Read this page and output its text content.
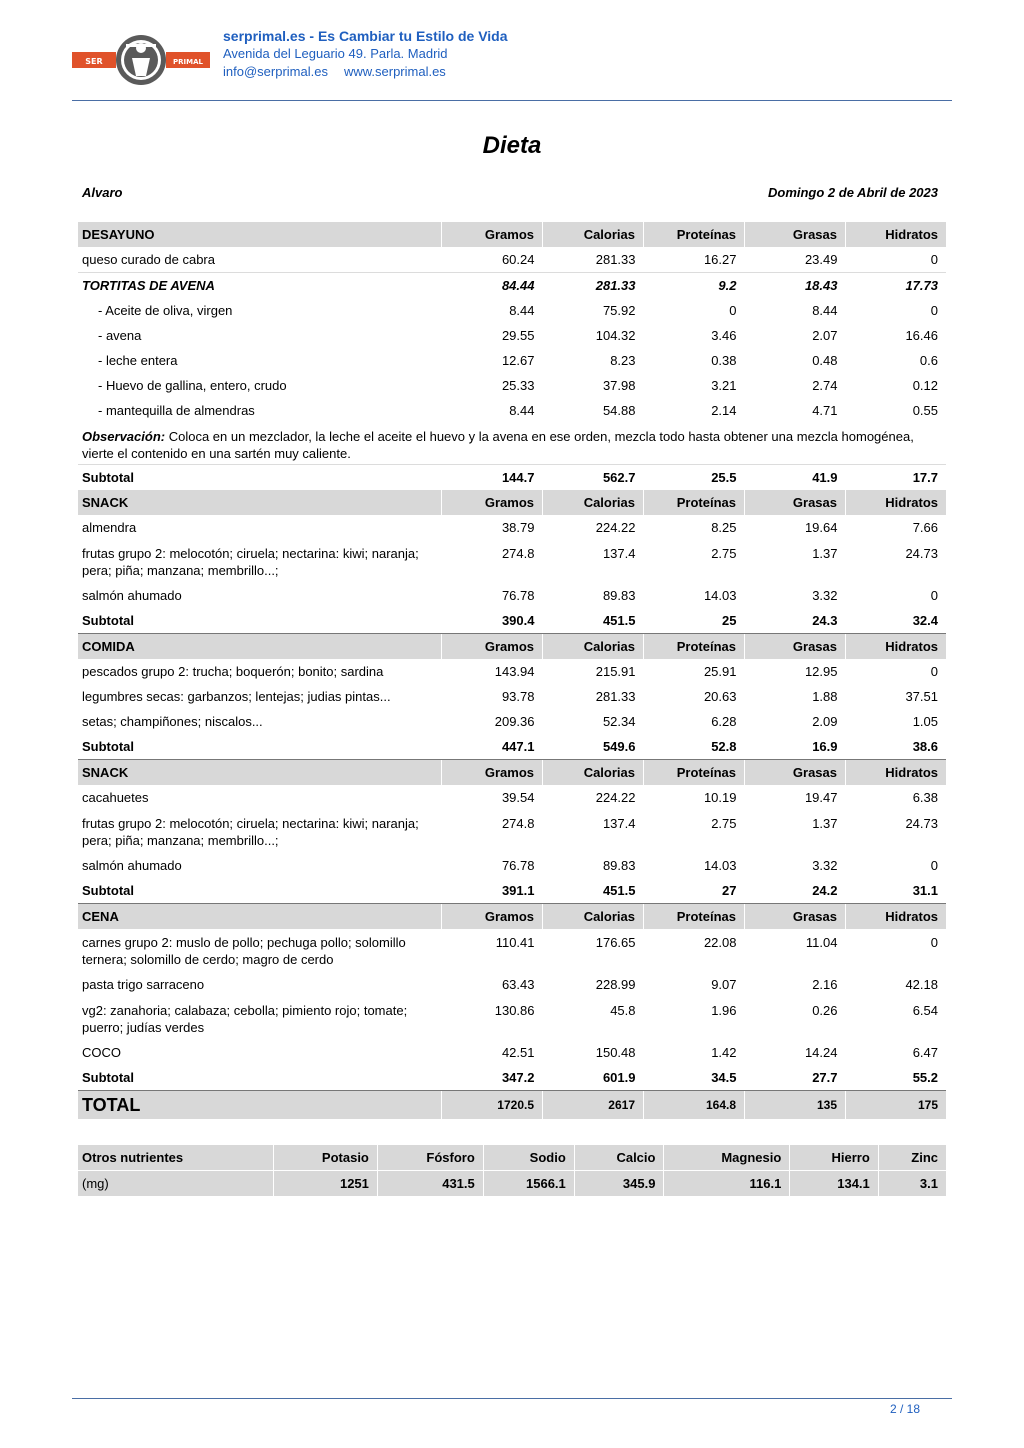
SER	PRIMAL
serprimal.es - Es Cambiar tu Estilo de Vida
Avenida del Leguario 49. Parla. Madrid
info@serprimal.es www.serprimal.es
Dieta
Alvaro	Domingo 2 de Abril de 2023
DESAYUNO	Gramos	Calorias	Proteínas	Grasas	Hidratos
queso curado de cabra	60.24	281.33	16.27	23.49	0
TORTITAS DE AVENA	84.44	281.33	9.2	18.43	17.73
- Aceite de oliva, virgen	8.44	75.92	0	8.44	0
- avena	29.55	104.32	3.46	2.07	16.46
- leche entera	12.67	8.23	0.38	0.48	0.6
- Huevo de gallina, entero, crudo	25.33	37.98	3.21	2.74	0.12
- mantequilla de almendras	8.44	54.88	2.14	4.71	0.55
Observación: Coloca en un mezclador, la leche el aceite el huevo y la avena en ese orden, mezcla todo hasta obtener una mezcla homogénea, vierte el contenido en una sartén muy caliente.					
Subtotal	144.7	562.7	25.5	41.9	17.7
SNACK	Gramos	Calorias	Proteínas	Grasas	Hidratos
almendra	38.79	224.22	8.25	19.64	7.66
frutas grupo 2: melocotón; ciruela; nectarina: kiwi; naranja; pera; piña; manzana; membrillo...;	274.8	137.4	2.75	1.37	24.73
salmón ahumado	76.78	89.83	14.03	3.32	0
Subtotal	390.4	451.5	25	24.3	32.4
COMIDA	Gramos	Calorias	Proteínas	Grasas	Hidratos
pescados grupo 2: trucha; boquerón; bonito; sardina	143.94	215.91	25.91	12.95	0
legumbres secas: garbanzos; lentejas; judias pintas...	93.78	281.33	20.63	1.88	37.51
setas; champiñones; niscalos...	209.36	52.34	6.28	2.09	1.05
Subtotal	447.1	549.6	52.8	16.9	38.6
SNACK	Gramos	Calorias	Proteínas	Grasas	Hidratos
cacahuetes	39.54	224.22	10.19	19.47	6.38
frutas grupo 2: melocotón; ciruela; nectarina: kiwi; naranja; pera; piña; manzana; membrillo...;	274.8	137.4	2.75	1.37	24.73
salmón ahumado	76.78	89.83	14.03	3.32	0
Subtotal	391.1	451.5	27	24.2	31.1
CENA	Gramos	Calorias	Proteínas	Grasas	Hidratos
carnes grupo 2: muslo de pollo; pechuga pollo; solomillo ternera; solomillo de cerdo; magro de cerdo	110.41	176.65	22.08	11.04	0
pasta trigo sarraceno	63.43	228.99	9.07	2.16	42.18
vg2: zanahoria; calabaza; cebolla; pimiento rojo; tomate; puerro; judías verdes	130.86	45.8	1.96	0.26	6.54
COCO	42.51	150.48	1.42	14.24	6.47
Subtotal	347.2	601.9	34.5	27.7	55.2
TOTAL	1720.5	2617	164.8	135	175
Otros nutrientes	Potasio	Fósforo	Sodio	Calcio	Magnesio	Hierro	Zinc
(mg)	1251	431.5	1566.1	345.9	116.1	134.1	3.1
2 / 18
